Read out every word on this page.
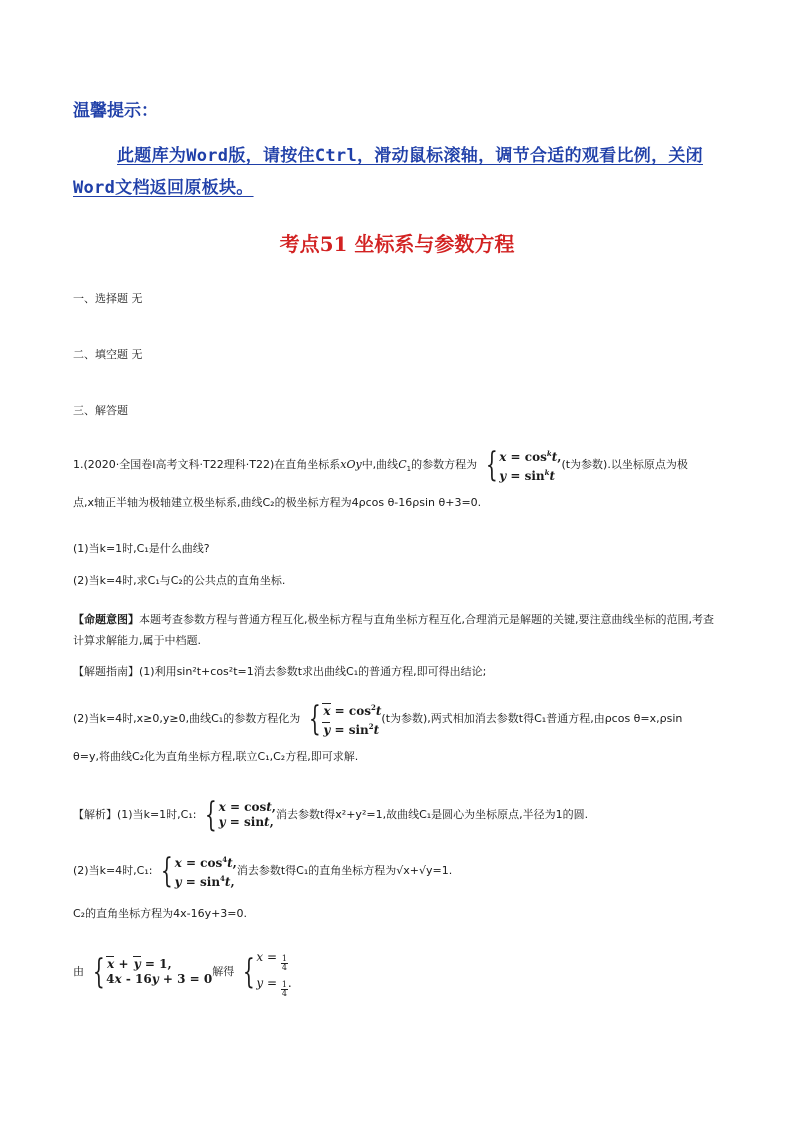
温馨提示：
此题库为Word版，请按住Ctrl，滑动鼠标滚轴，调节合适的观看比例，关闭Word文档返回原板块。
考点51 坐标系与参数方程
一、选择题 无
二、填空题 无
三、解答题
1.(2020·全国卷Ⅰ高考文科·T22理科·T22)在直角坐标系xOy中,曲线$C_1$的参数方程为 { $x = \cos^kt$,
$y = \sin^kt$
(t为参数).以坐标原点为极
点,x轴正半轴为极轴建立极坐标系,曲线C₂的极坐标方程为4ρcos θ-16ρsin θ+3=0.
(1)当k=1时,C₁是什么曲线?
(2)当k=4时,求C₁与C₂的公共点的直角坐标.
【命题意图】本题考查参数方程与普通方程互化,极坐标方程与直角坐标方程互化,合理消元是解题的关键,要注意曲线坐标的范围,考查计算求解能力,属于中档题.
【解题指南】(1)利用sin²t+cos²t=1消去参数t求出曲线C₁的普通方程,即可得出结论;
(2)当k=4时,x≥0,y≥0,曲线C₁的参数方程化为 { $x = \cos^2t$
$y = \sin^2t$
(t为参数),两式相加消去参数t得C₁普通方程,由ρcos θ=x,ρsin
θ=y,将曲线C₂化为直角坐标方程,联立C₁,C₂方程,即可求解.
【解析】(1)当k=1时,C₁: { x = cost,
y = sint,
消去参数t得x²+y²=1,故曲线C₁是圆心为坐标原点,半径为1的圆.
(2)当k=4时,C₁: { $x = \cos^4t$,
$y = \sin^4t$,
消去参数t得C₁的直角坐标方程为√x+√y=1.
C₂的直角坐标方程为4x-16y+3=0.
由 { x + y = 1,
4x - 16y + 3 = 0
解得 { $x = \frac{1}{4}$
$y = \frac{1}{4}$ .
